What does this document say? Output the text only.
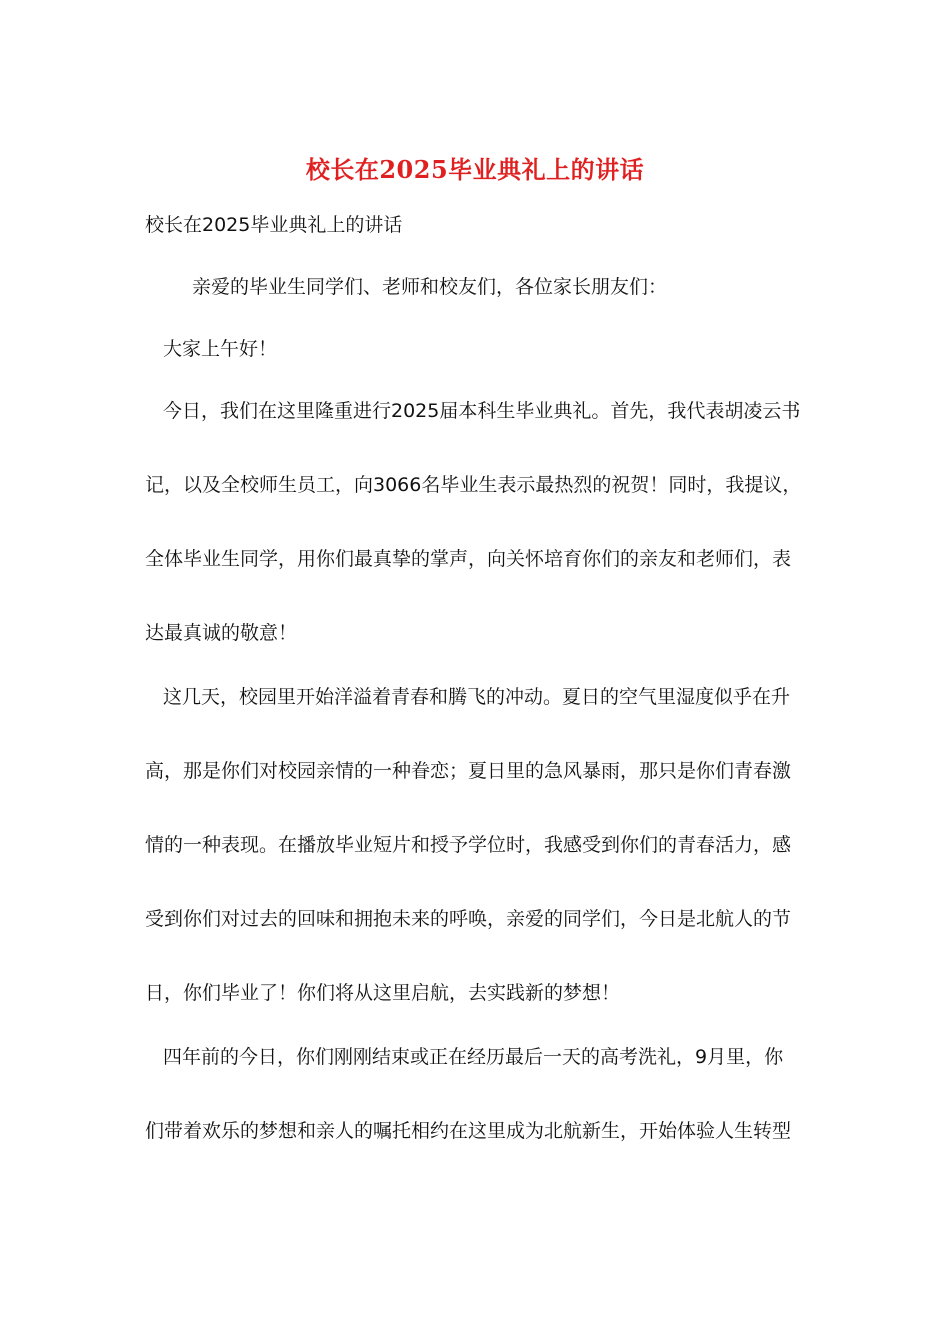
校长在2025毕业典礼上的讲话
校长在2025毕业典礼上的讲话
亲爱的毕业生同学们、老师和校友们，各位家长朋友们：
大家上午好！
今日，我们在这里隆重进行2025届本科生毕业典礼。首先，我代表胡凌云书
记，以及全校师生员工，向3066名毕业生表示最热烈的祝贺！同时，我提议，
全体毕业生同学，用你们最真挚的掌声，向关怀培育你们的亲友和老师们，表
达最真诚的敬意！
这几天，校园里开始洋溢着青春和腾飞的冲动。夏日的空气里湿度似乎在升
高，那是你们对校园亲情的一种眷恋；夏日里的急风暴雨，那只是你们青春激
情的一种表现。在播放毕业短片和授予学位时，我感受到你们的青春活力，感
受到你们对过去的回味和拥抱未来的呼唤，亲爱的同学们，今日是北航人的节
日，你们毕业了！你们将从这里启航，去实践新的梦想！
四年前的今日，你们刚刚结束或正在经历最后一天的高考洗礼，9月里，你
们带着欢乐的梦想和亲人的嘱托相约在这里成为北航新生，开始体验人生转型
